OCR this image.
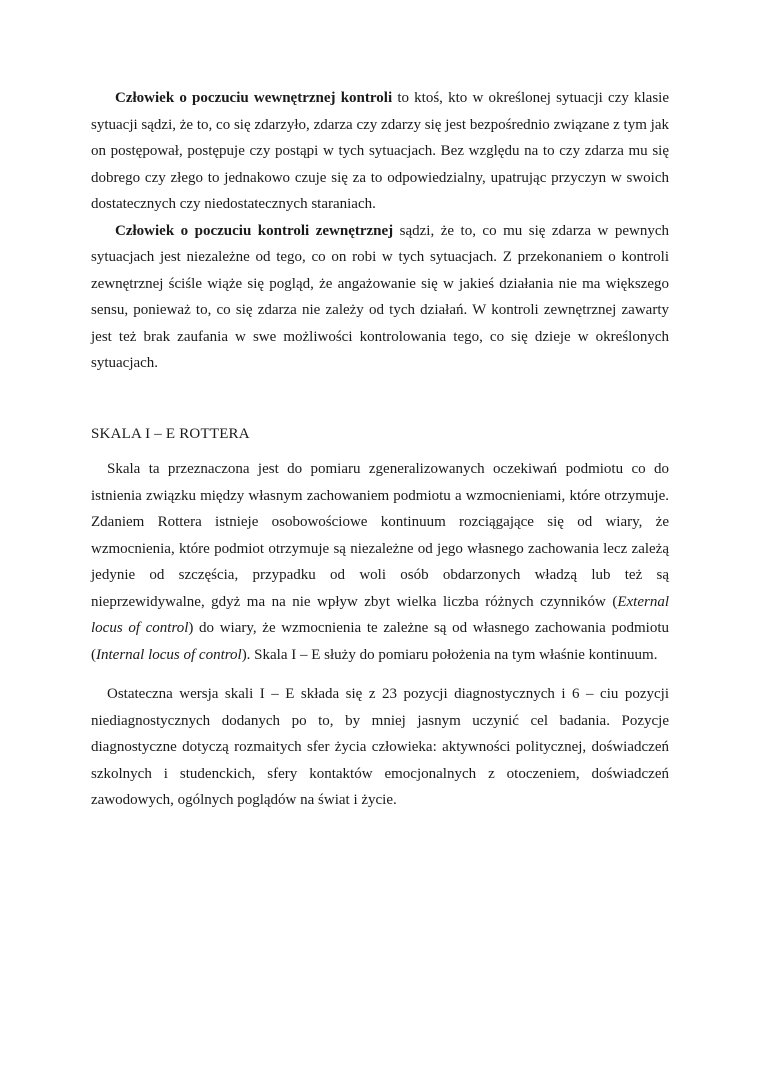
Człowiek o poczuciu wewnętrznej kontroli to ktoś, kto w określonej sytuacji czy klasie sytuacji sądzi, że to, co się zdarzyło, zdarza czy zdarzy się jest bezpośrednio związane z tym jak on postępował, postępuje czy postąpi w tych sytuacjach. Bez względu na to czy zdarza mu się dobrego czy złego to jednakowo czuje się za to odpowiedzialny, upatrując przyczyn w swoich dostatecznych czy niedostatecznych staraniach.

Człowiek o poczuciu kontroli zewnętrznej sądzi, że to, co mu się zdarza w pewnych sytuacjach jest niezależne od tego, co on robi w tych sytuacjach. Z przekonaniem o kontroli zewnętrznej ściśle wiąże się pogląd, że angażowanie się w jakieś działania nie ma większego sensu, ponieważ to, co się zdarza nie zależy od tych działań. W kontroli zewnętrznej zawarty jest też brak zaufania w swe możliwości kontrolowania tego, co się dzieje w określonych sytuacjach.

SKALA I – E ROTTERA

Skala ta przeznaczona jest do pomiaru zgeneralizowanych oczekiwań podmiotu co do istnienia związku między własnym zachowaniem podmiotu a wzmocnieniami, które otrzymuje. Zdaniem Rottera istnieje osobowościowe kontinuum rozciągające się od wiary, że wzmocnienia, które podmiot otrzymuje są niezależne od jego własnego zachowania lecz zależą jedynie od szczęścia, przypadku od woli osób obdarzonych władzą lub też są nieprzewidywalne, gdyż ma na nie wpływ zbyt wielka liczba różnych czynników (External locus of control) do wiary, że wzmocnienia te zależne są od własnego zachowania podmiotu (Internal locus of control). Skala I – E służy do pomiaru położenia na tym właśnie kontinuum.

Ostateczna wersja skali I – E składa się z 23 pozycji diagnostycznych i 6 – ciu pozycji niediagnostycznych dodanych po to, by mniej jasnym uczynić cel badania. Pozycje diagnostyczne dotyczą rozmaitych sfer życia człowieka: aktywności politycznej, doświadczeń szkolnych i studenckich, sfery kontaktów emocjonalnych z otoczeniem, doświadczeń zawodowych, ogólnych poglądów na świat i życie.
